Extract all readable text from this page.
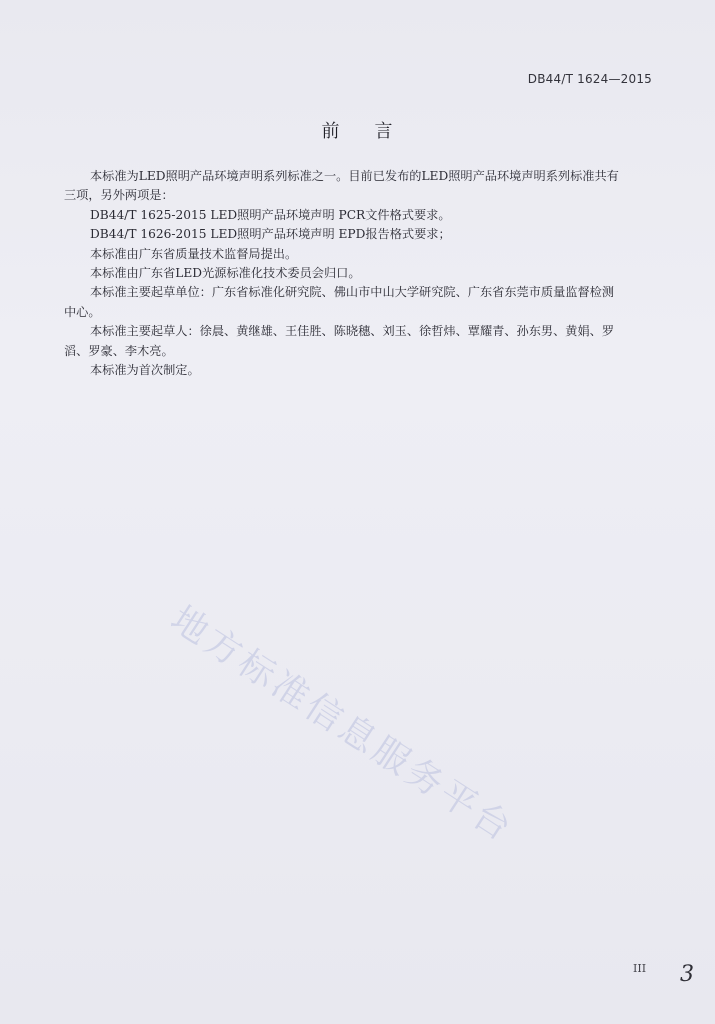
DB44/T 1624—2015
前 言

本标准为LED照明产品环境声明系列标准之一。目前已发布的LED照明产品环境声明系列标准共有

三项，另外两项是：

DB44/T 1625-2015 LED照明产品环境声明 PCR文件格式要求。

DB44/T 1626-2015 LED照明产品环境声明 EPD报告格式要求；

本标准由广东省质量技术监督局提出。

本标准由广东省LED光源标准化技术委员会归口。

本标准主要起草单位：广东省标准化研究院、佛山市中山大学研究院、广东省东莞市质量监督检测

中心。

本标准主要起草人：徐晨、黄继雄、王佳胜、陈晓穗、刘玉、徐哲炜、覃耀青、孙东男、黄娟、罗

滔、罗豪、李木亮。

本标准为首次制定。

地方标准信息服务平台
III 3
